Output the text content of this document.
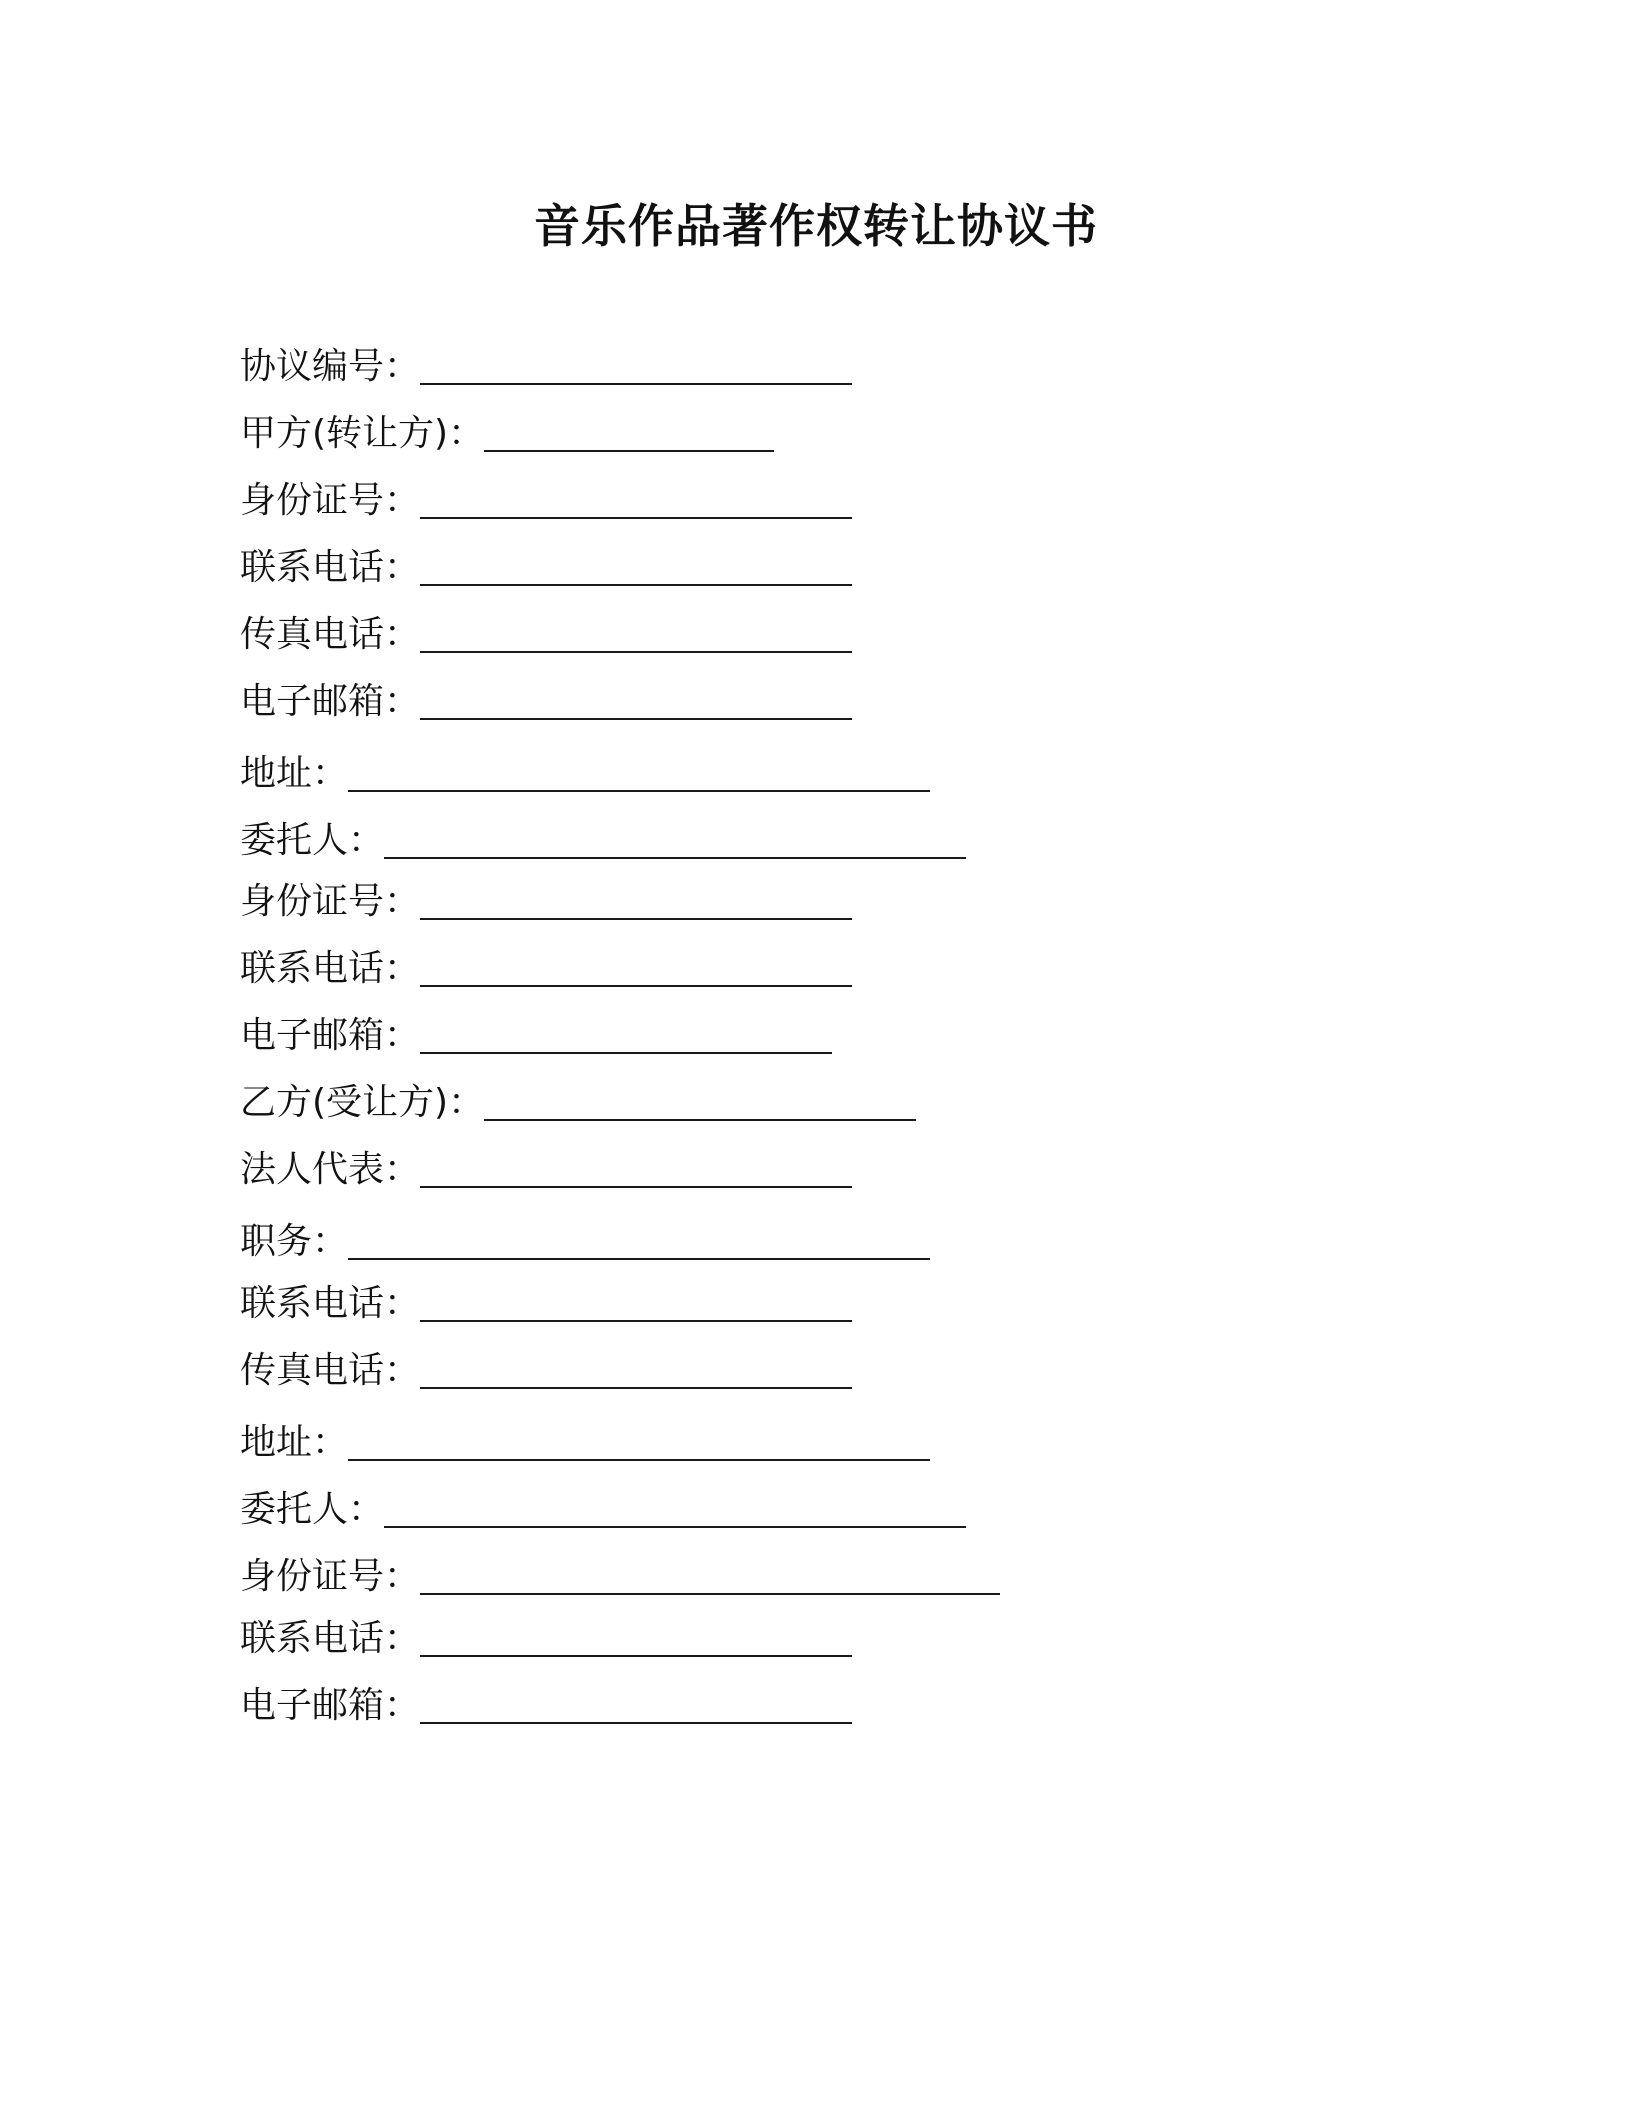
音乐作品著作权转让协议书
协议编号：
甲方(转让方)：
身份证号：
联系电话：
传真电话：
电子邮箱：
地址：
委托人：
身份证号：
联系电话：
电子邮箱：
乙方(受让方)：
法人代表：
职务：
联系电话：
传真电话：
地址：
委托人：
身份证号：
联系电话：
电子邮箱：
